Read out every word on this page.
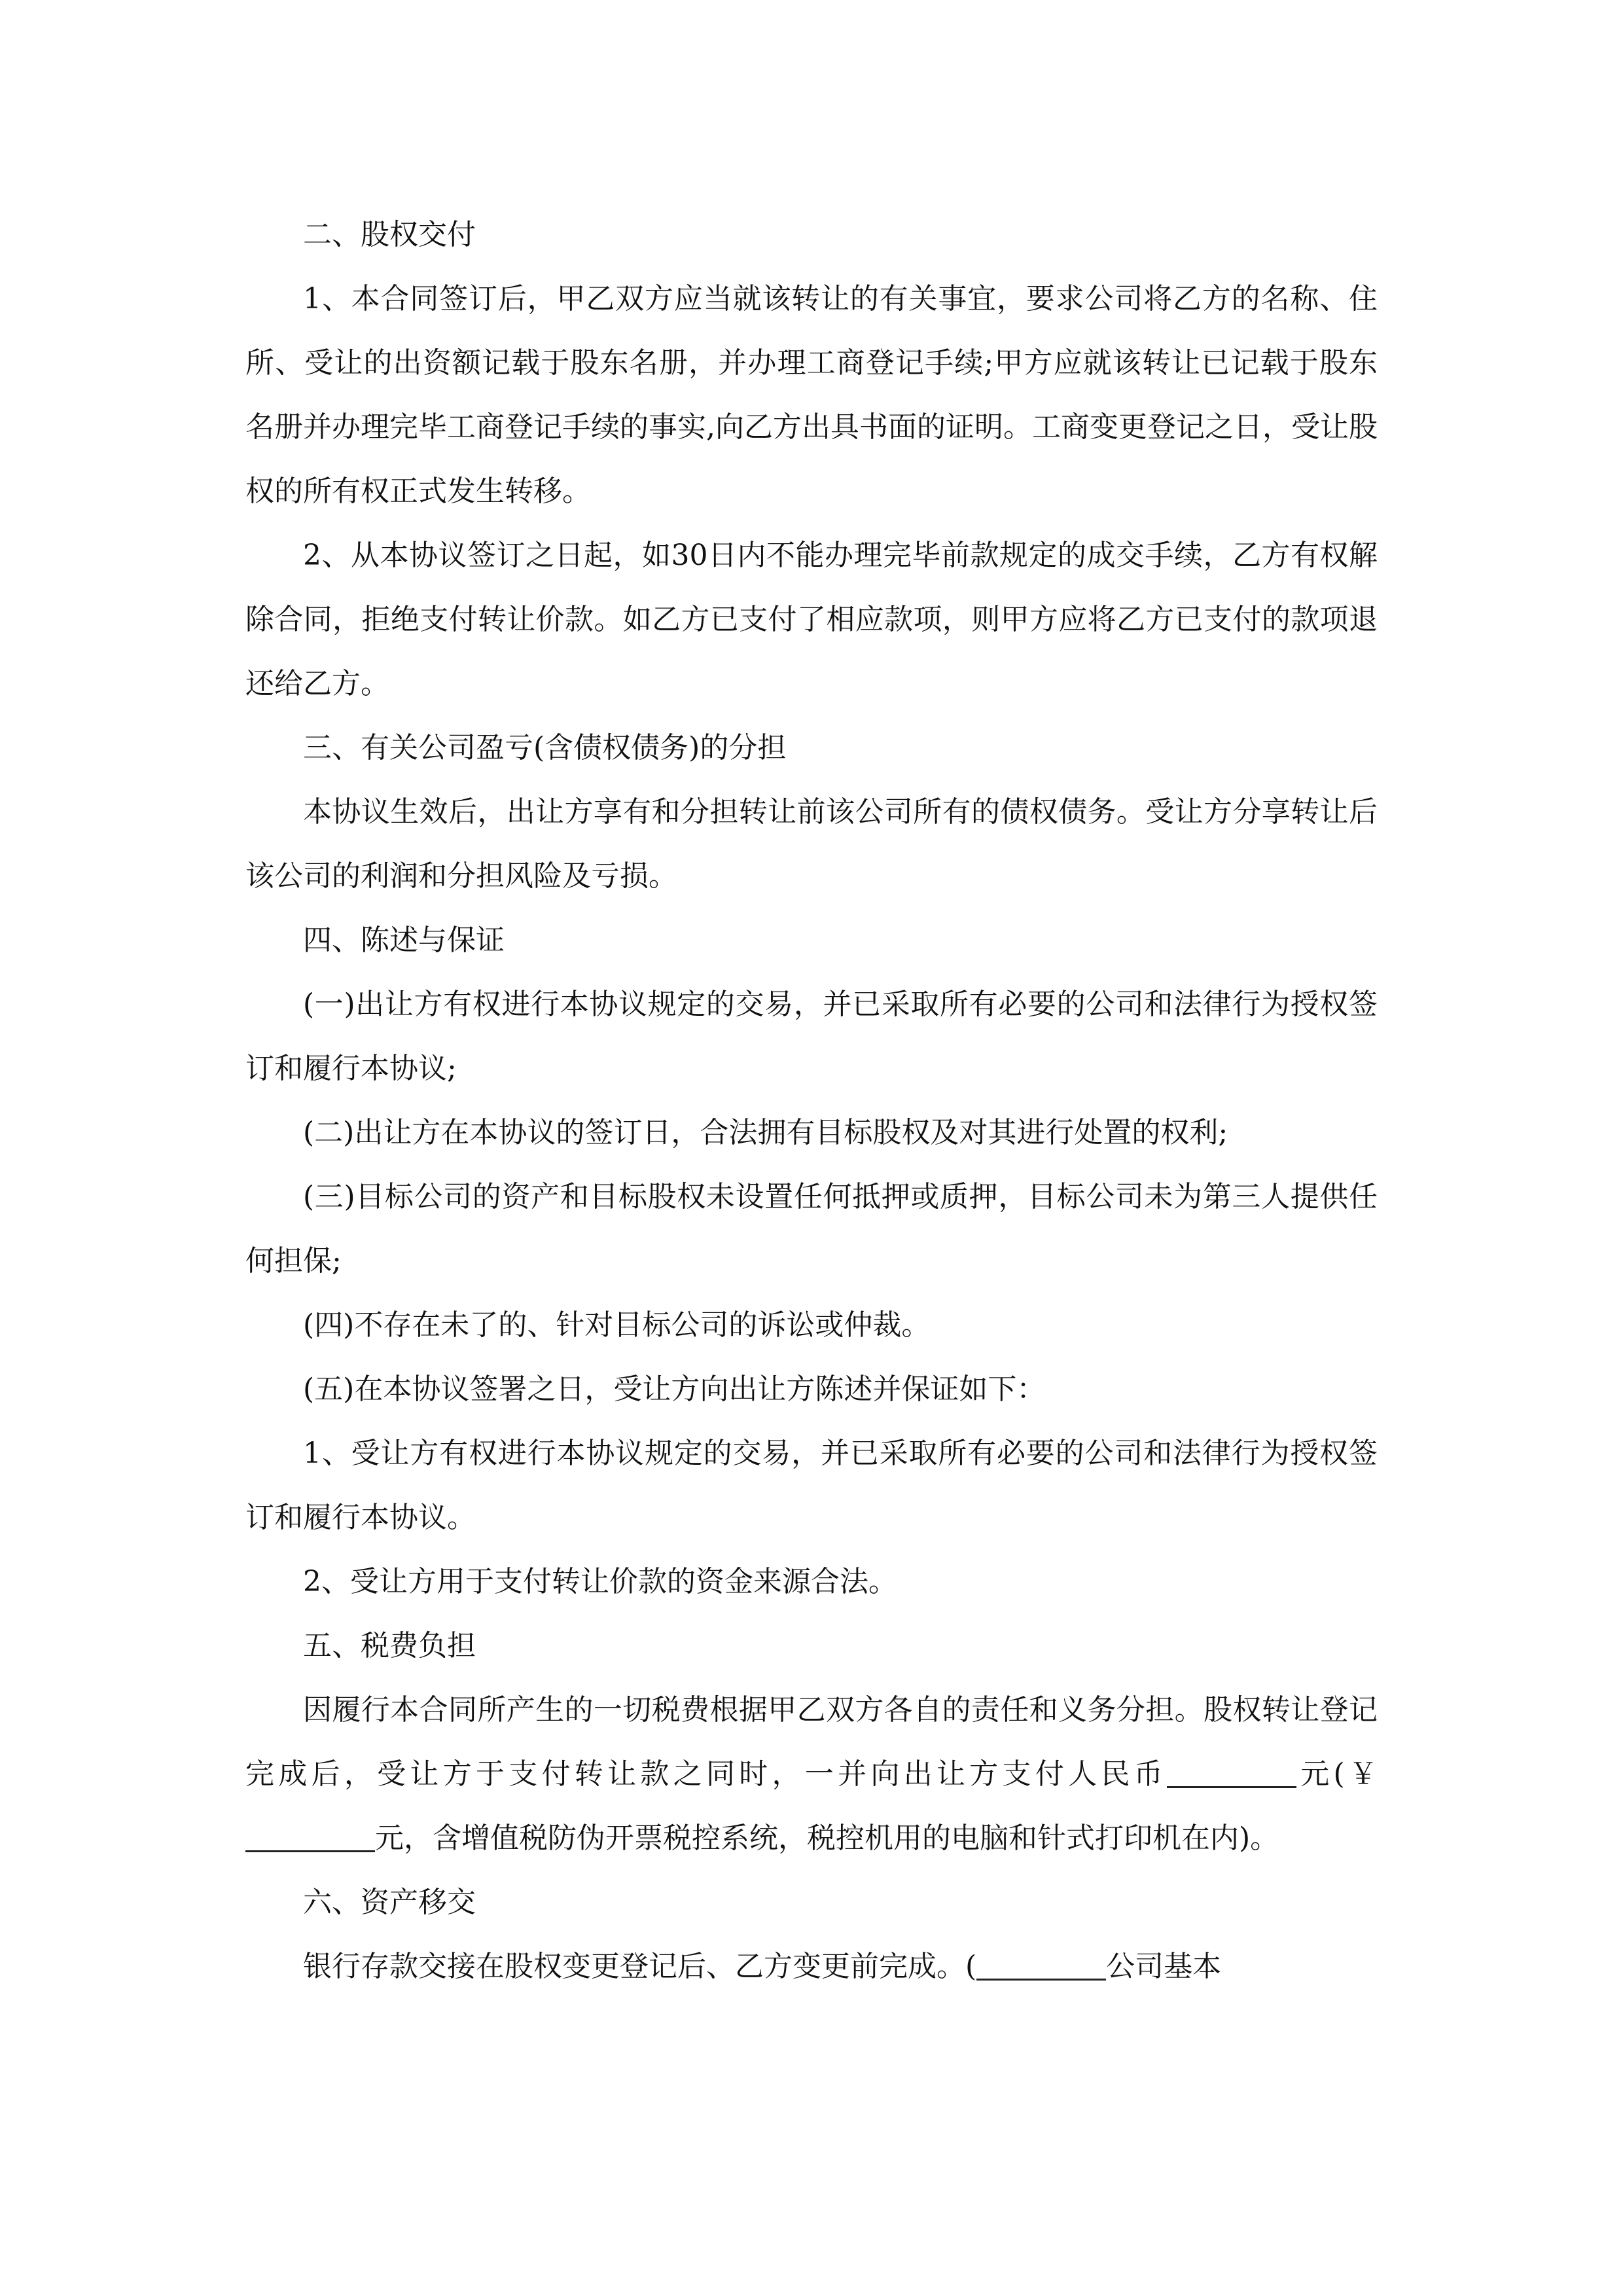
二、股权交付

1、本合同签订后，甲乙双方应当就该转让的有关事宜，要求公司将乙方的名称、住所、受让的出资额记载于股东名册，并办理工商登记手续;甲方应就该转让已记载于股东名册并办理完毕工商登记手续的事实,向乙方出具书面的证明。工商变更登记之日，受让股权的所有权正式发生转移。

2、从本协议签订之日起，如30日内不能办理完毕前款规定的成交手续，乙方有权解除合同，拒绝支付转让价款。如乙方已支付了相应款项，则甲方应将乙方已支付的款项退还给乙方。

三、有关公司盈亏(含债权债务)的分担

本协议生效后，出让方享有和分担转让前该公司所有的债权债务。受让方分享转让后该公司的利润和分担风险及亏损。

四、陈述与保证

(一)出让方有权进行本协议规定的交易，并已采取所有必要的公司和法律行为授权签订和履行本协议;

(二)出让方在本协议的签订日，合法拥有目标股权及对其进行处置的权利;

(三)目标公司的资产和目标股权未设置任何抵押或质押，目标公司未为第三人提供任何担保;

(四)不存在未了的、针对目标公司的诉讼或仲裁。

(五)在本协议签署之日，受让方向出让方陈述并保证如下：

1、受让方有权进行本协议规定的交易，并已采取所有必要的公司和法律行为授权签订和履行本协议。

2、受让方用于支付转让价款的资金来源合法。

五、税费负担

因履行本合同所产生的一切税费根据甲乙双方各自的责任和义务分担。股权转让登记完成后，受让方于支付转让款之同时，一并向出让方支付人民币	元(￥元，含增值税防伪开票税控系统，税控机用的电脑和针式打印机在内)。

六、资产移交

银行存款交接在股权变更登记后、乙方变更前完成。(	公司基本
